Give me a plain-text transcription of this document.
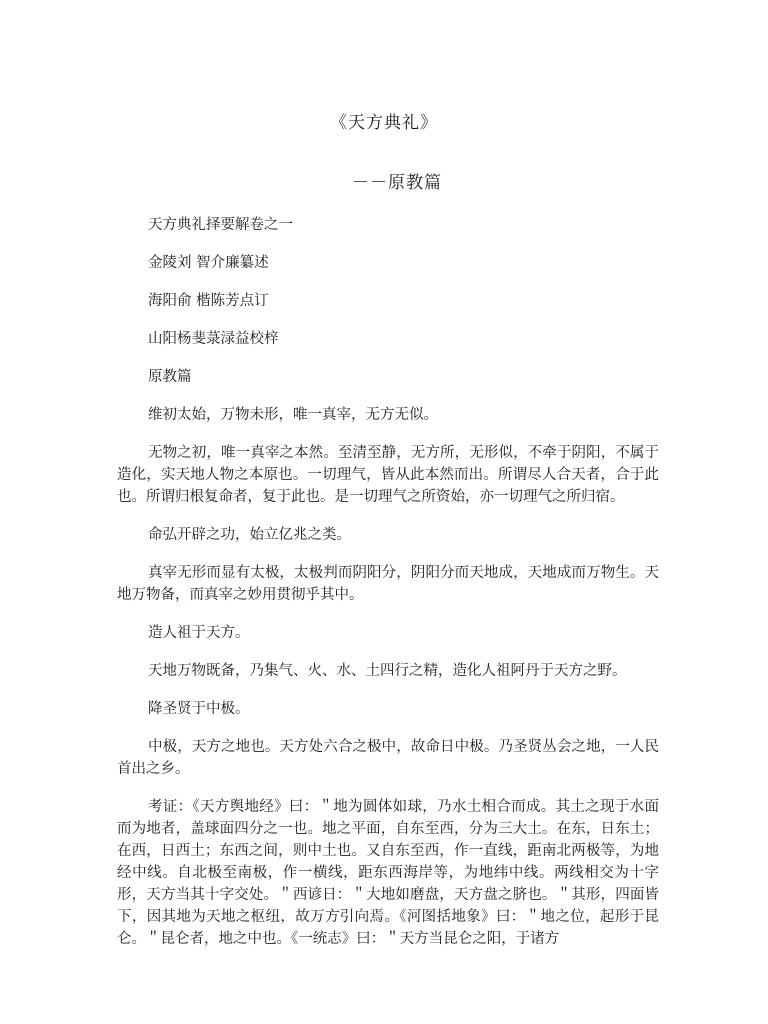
《天方典礼》
－－原教篇

天方典礼择要解卷之一

金陵刘 智介廉纂述

海阳俞 楷陈芳点订

山阳杨斐菉渌益校梓

原教篇

维初太始，万物未形，唯一真宰，无方无似。

无物之初，唯一真宰之本然。至清至静，无方所，无形似，不牵于阴阳，不属于造化，实天地人物之本原也。一切理气，皆从此本然而出。所谓尽人合天者，合于此也。所谓归根复命者，复于此也。是一切理气之所资始，亦一切理气之所归宿。

命弘开辟之功，始立亿兆之类。

真宰无形而显有太极，太极判而阴阳分，阴阳分而天地成，天地成而万物生。天地万物备，而真宰之妙用贯彻乎其中。

造人祖于天方。

天地万物既备，乃集气、火、水、土四行之精，造化人祖阿丹于天方之野。

降圣贤于中极。

中极，天方之地也。天方处六合之极中，故命日中极。乃圣贤丛会之地，一人民首出之乡。

考证：《天方舆地经》曰：＂地为圆体如球，乃水土相合而成。其土之现于水面而为地者，盖球面四分之一也。地之平面，自东至西，分为三大土。在东，日东土；在西，日西土；东西之间，则中土也。又自东至西，作一直线，距南北两极等，为地经中线。自北极至南极，作一横线，距东西海岸等，为地纬中线。两线相交为十字形，天方当其十字交处。＂西谚日：＂大地如磨盘，天方盘之脐也。＂其形，四面皆下，因其地为天地之枢纽，故万方引向焉。《河图括地象》曰：＂地之位，起形于昆仑。＂昆仑者，地之中也。《一统志》曰：＂天方当昆仑之阳，于诸方
